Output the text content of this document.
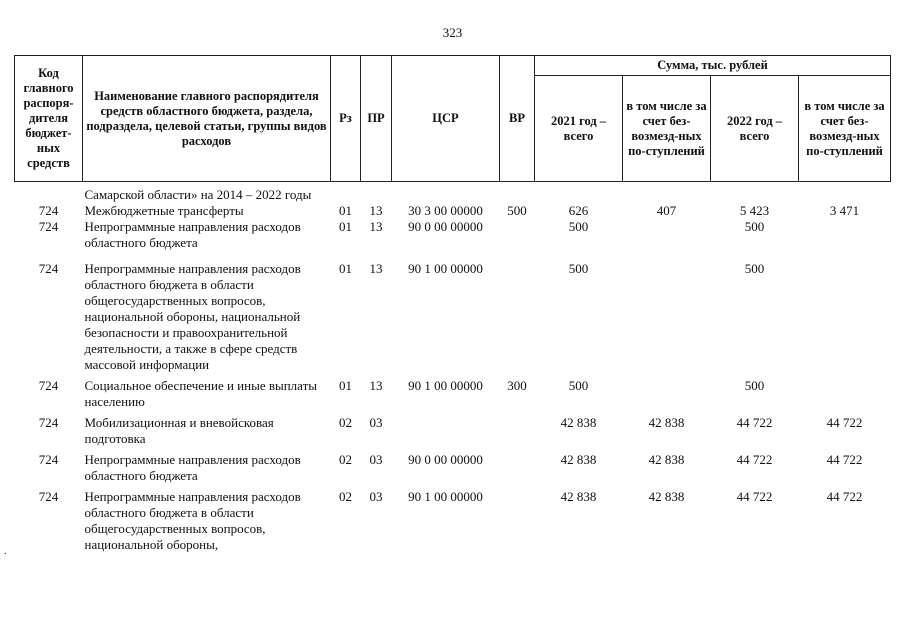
323
Код главного распоря-дителя бюджет-ных средств	Наименование главного распорядителя средств областного бюджета, раздела, подраздела, целевой статьи, группы видов расходов	Рз	ПР	ЦСР	ВР	Сумма, тыс. рублей			
						2021 год – всего	в том числе за счет без-возмезд-ных по-ступлений	2022 год – всего	в том числе за счет без-возмезд-ных по-ступлений
	Самарской области» на 2014 – 2022 годы								
724	Межбюджетные трансферты	01	13	30 3 00 00000	500	626	407	5 423	3 471
724	Непрограммные направления расходов областного бюджета	01	13	90 0 00 00000		500		500	
724	Непрограммные направления расходов областного бюджета в области общегосударственных вопросов, национальной обороны, национальной безопасности и правоохранительной деятельности, а также в сфере средств массовой информации	01	13	90 1 00 00000		500		500	
724	Социальное обеспечение и иные выплаты населению	01	13	90 1 00 00000	300	500		500	
724	Мобилизационная и вневойсковая подготовка	02	03			42 838	42 838	44 722	44 722
724	Непрограммные направления расходов областного бюджета	02	03	90 0 00 00000		42 838	42 838	44 722	44 722
724	Непрограммные направления расходов областного бюджета в области общегосударственных вопросов, национальной обороны,	02	03	90 1 00 00000		42 838	42 838	44 722	44 722
.
